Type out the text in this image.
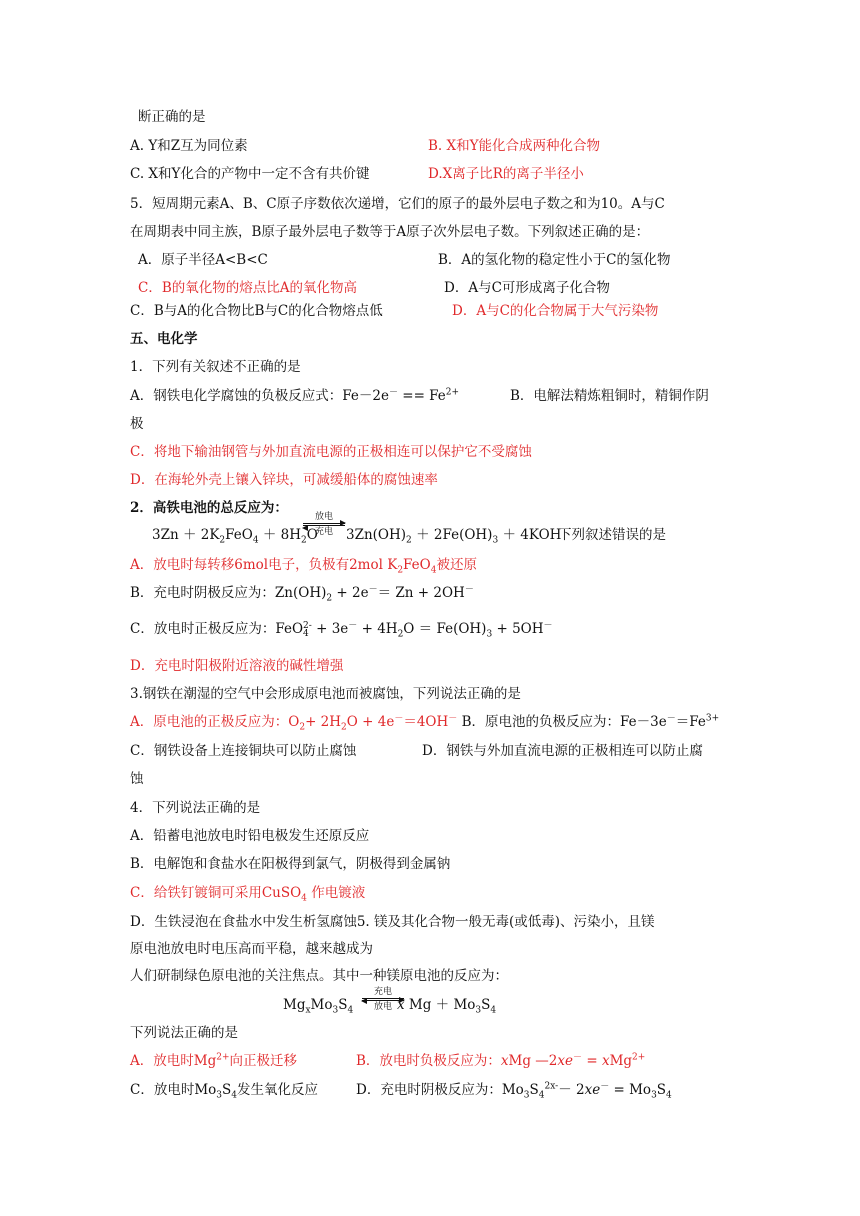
断正确的是
A. Y和Z互为同位素	B. X和Y能化合成两种化合物
C. X和Y化合的产物中一定不含有共价键	D.X离子比R的离子半径小
5．短周期元素A、B、C原子序数依次递增，它们的原子的最外层电子数之和为10。A与C
在周期表中同主族，B原子最外层电子数等于A原子次外层电子数。下列叙述正确的是：
A．原子半径A<B<C	B．A的氢化物的稳定性小于C的氢化物
C．B的氧化物的熔点比A的氧化物高	D．A与C可形成离子化合物
C．B与A的化合物比B与C的化合物熔点低	D．A与C的化合物属于大气污染物
五、电化学
1．下列有关叙述不正确的是
A．钢铁电化学腐蚀的负极反应式：$Fe-2e^- == Fe^{2+}$	B．电解法精炼粗铜时，精铜作阴
极
C．将地下输油钢管与外加直流电源的正极相连可以保护它不受腐蚀
D．在海轮外壳上镶入锌块，可减缓船体的腐蚀速率
2．高铁电池的总反应为：
放电
充电
$3Zn + 2K_2FeO_4 + 8H_2O$ $3Zn(OH)_2 + 2Fe(OH)_3 + 4KOH$
下列叙述错误的是
A．放电时每转移6mol电子，负极有2mol $K_2FeO_4$被还原
B．充电时阴极反应为：$Zn(OH)_2 + 2e^-= Zn + 2OH^-$
C．放电时正极反应为：FeO 2-
$4 + 3e^- + 4H_2O = Fe(OH)_3 + 5OH^-$
D．充电时阳极附近溶液的碱性增强
3.钢铁在潮湿的空气中会形成原电池而被腐蚀，下列说法正确的是
A．原电池的正极反应为：$O_2+ 2H_2O + 4e^-=4OH^-$ B．原电池的负极反应为：$Fe-3e^-=Fe^{3+}$
C．钢铁设备上连接铜块可以防止腐蚀	D．钢铁与外加直流电源的正极相连可以防止腐
蚀
4．下列说法正确的是
A．铅蓄电池放电时铅电极发生还原反应
B．电解饱和食盐水在阳极得到氯气，阴极得到金属钠
C．给铁钉镀铜可采用CuSO$_4$ 作电镀液
D．生铁浸泡在食盐水中发生析氢腐蚀5. 镁及其化合物一般无毒(或低毒)、污染小，且镁
原电池放电时电压高而平稳，越来越成为
人们研制绿色原电池的关注焦点。其中一种镁原电池的反应为：
$Mg_xMo_3S_4$
充电
放电 x $Mg + Mo_3S_4$
下列说法正确的是
A．放电时$Mg^{2+}$向正极迁移	B．放电时负极反应为：xMg —2xe－ = xMg$^{2+}$
C．放电时$Mo_3S_4$发生氧化反应	D．充电时阴极反应为：$Mo_3S_4^{2x-}- 2xe^- = Mo_3S_4$
